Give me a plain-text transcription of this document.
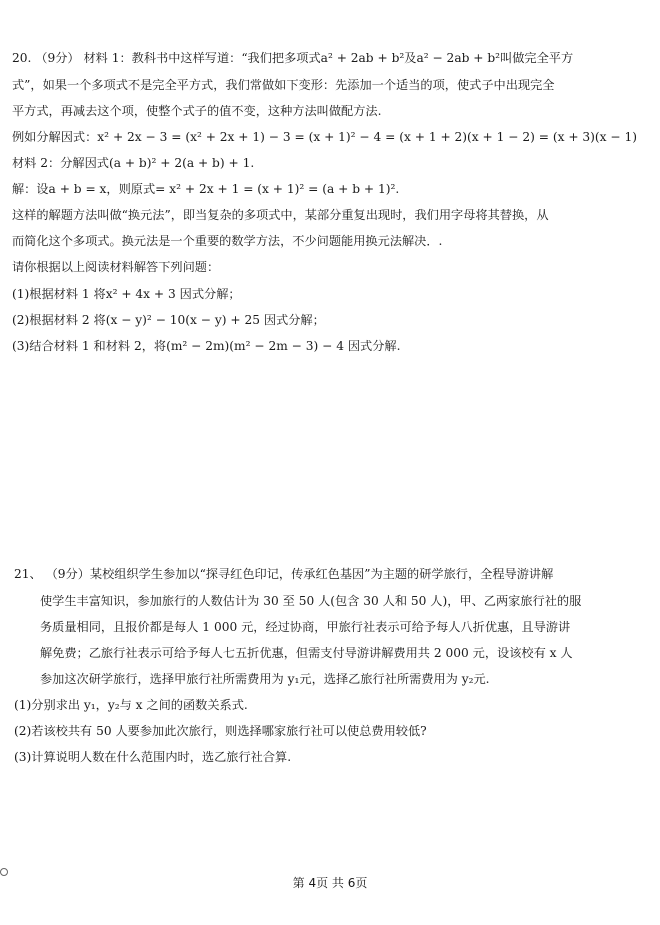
20. （9分） 材料 1：教科书中这样写道：“我们把多项式a² + 2ab + b²及a² − 2ab + b²叫做完全平方
式”，如果一个多项式不是完全平方式，我们常做如下变形：先添加一个适当的项，使式子中出现完全
平方式，再减去这个项，使整个式子的值不变，这种方法叫做配方法.
例如分解因式：x² + 2x − 3 = (x² + 2x + 1) − 3 = (x + 1)² − 4 = (x + 1 + 2)(x + 1 − 2) = (x + 3)(x − 1)
材料 2：分解因式(a + b)² + 2(a + b) + 1.
解：设a + b = x，则原式= x² + 2x + 1 = (x + 1)² = (a + b + 1)².
这样的解题方法叫做“换元法”，即当复杂的多项式中，某部分重复出现时，我们用字母将其替换，从
而简化这个多项式。换元法是一个重要的数学方法，不少问题能用换元法解决．.
请你根据以上阅读材料解答下列问题：
(1)根据材料 1 将x² + 4x + 3 因式分解；
(2)根据材料 2 将(x − y)² − 10(x − y) + 25 因式分解；
(3)结合材料 1 和材料 2，将(m² − 2m)(m² − 2m − 3) − 4 因式分解.
21、 （9分）某校组织学生参加以“探寻红色印记，传承红色基因”为主题的研学旅行，全程导游讲解
使学生丰富知识，参加旅行的人数估计为 30 至 50 人(包含 30 人和 50 人)，甲、乙两家旅行社的服
务质量相同，且报价都是每人 1 000 元，经过协商，甲旅行社表示可给予每人八折优惠，且导游讲
解免费；乙旅行社表示可给予每人七五折优惠，但需支付导游讲解费用共 2 000 元，设该校有 x 人
参加这次研学旅行，选择甲旅行社所需费用为 y₁元，选择乙旅行社所需费用为 y₂元.
(1)分别求出 y₁，y₂与 x 之间的函数关系式.
(2)若该校共有 50 人要参加此次旅行，则选择哪家旅行社可以使总费用较低?
(3)计算说明人数在什么范围内时，选乙旅行社合算.
第 4页 共 6页
